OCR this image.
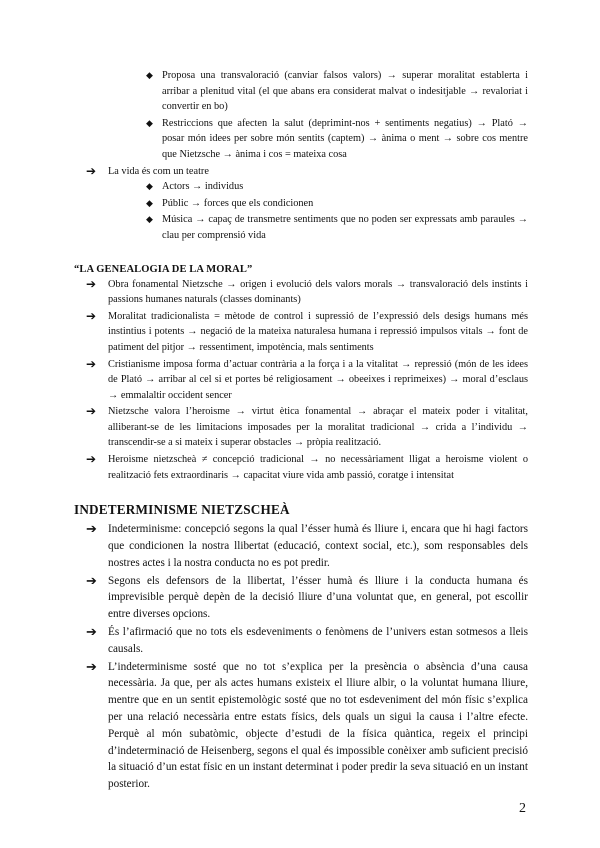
◆ Proposa una transvaloració (canviar falsos valors) → superar moralitat establerta i arribar a plenitud vital (el que abans era considerat malvat o indesitjable → revaloriat i convertir en bo)
◆ Restriccions que afecten la salut (deprimint-nos + sentiments negatius) → Plató → posar món idees per sobre món sentits (captem) → ànima o ment → sobre cos mentre que Nietzsche → ànima i cos = mateixa cosa
➔ La vida és com un teatre
◆ Actors → individus
◆ Públic → forces que els condicionen
◆ Música → capaç de transmetre sentiments que no poden ser expressats amb paraules → clau per comprensió vida
“LA GENEALOGIA DE LA MORAL”
➔ Obra fonamental Nietzsche → origen i evolució dels valors morals → transvaloració dels instints i passions humanes naturals (classes dominants)
➔ Moralitat tradicionalista = mètode de control i supressió de l’expressió dels desigs humans més instintius i potents → negació de la mateixa naturalesa humana i repressió impulsos vitals → font de patiment del pitjor → ressentiment, impotència, mals sentiments
➔ Cristianisme imposa forma d’actuar contrària a la força i a la vitalitat → repressió (món de les idees de Plató → arribar al cel si et portes bé religiosament → obeeixes i reprimeixes) → moral d’esclaus → emmalaltir occident sencer
➔ Nietzsche valora l’heroisme → virtut ètica fonamental → abraçar el mateix poder i vitalitat, alliberant-se de les limitacions imposades per la moralitat tradicional → crida a l’individu → transcendir-se a si mateix i superar obstacles → pròpia realització.
➔ Heroisme nietzscheà ≠ concepció tradicional → no necessàriament lligat a heroisme violent o realització fets extraordinaris → capacitat viure vida amb passió, coratge i intensitat
INDETERMINISME NIETZSCHEÀ
➔ Indeterminisme: concepció segons la qual l’ésser humà és lliure i, encara que hi hagi factors que condicionen la nostra llibertat (educació, context social, etc.), som responsables dels nostres actes i la nostra conducta no es pot predir.
➔ Segons els defensors de la llibertat, l’ésser humà és lliure i la conducta humana és imprevisible perquè depèn de la decisió lliure d’una voluntat que, en general, pot escollir entre diverses opcions.
➔ És l’afirmació que no tots els esdeveniments o fenòmens de l’univers estan sotmesos a lleis causals.
➔ L’indeterminisme sosté que no tot s’explica per la presència o absència d’una causa necessària. Ja que, per als actes humans existeix el lliure albir, o la voluntat humana lliure, mentre que en un sentit epistemològic sosté que no tot esdeveniment del món físic s’explica per una relació necessària entre estats físics, dels quals un sigui la causa i l’altre efecte. Perquè al món subatòmic, objecte d’estudi de la física quàntica, regeix el principi d’indeterminació de Heisenberg, segons el qual és impossible conèixer amb suficient precisió la situació d’un estat físic en un instant determinat i poder predir la seva situació en un instant posterior.
2
